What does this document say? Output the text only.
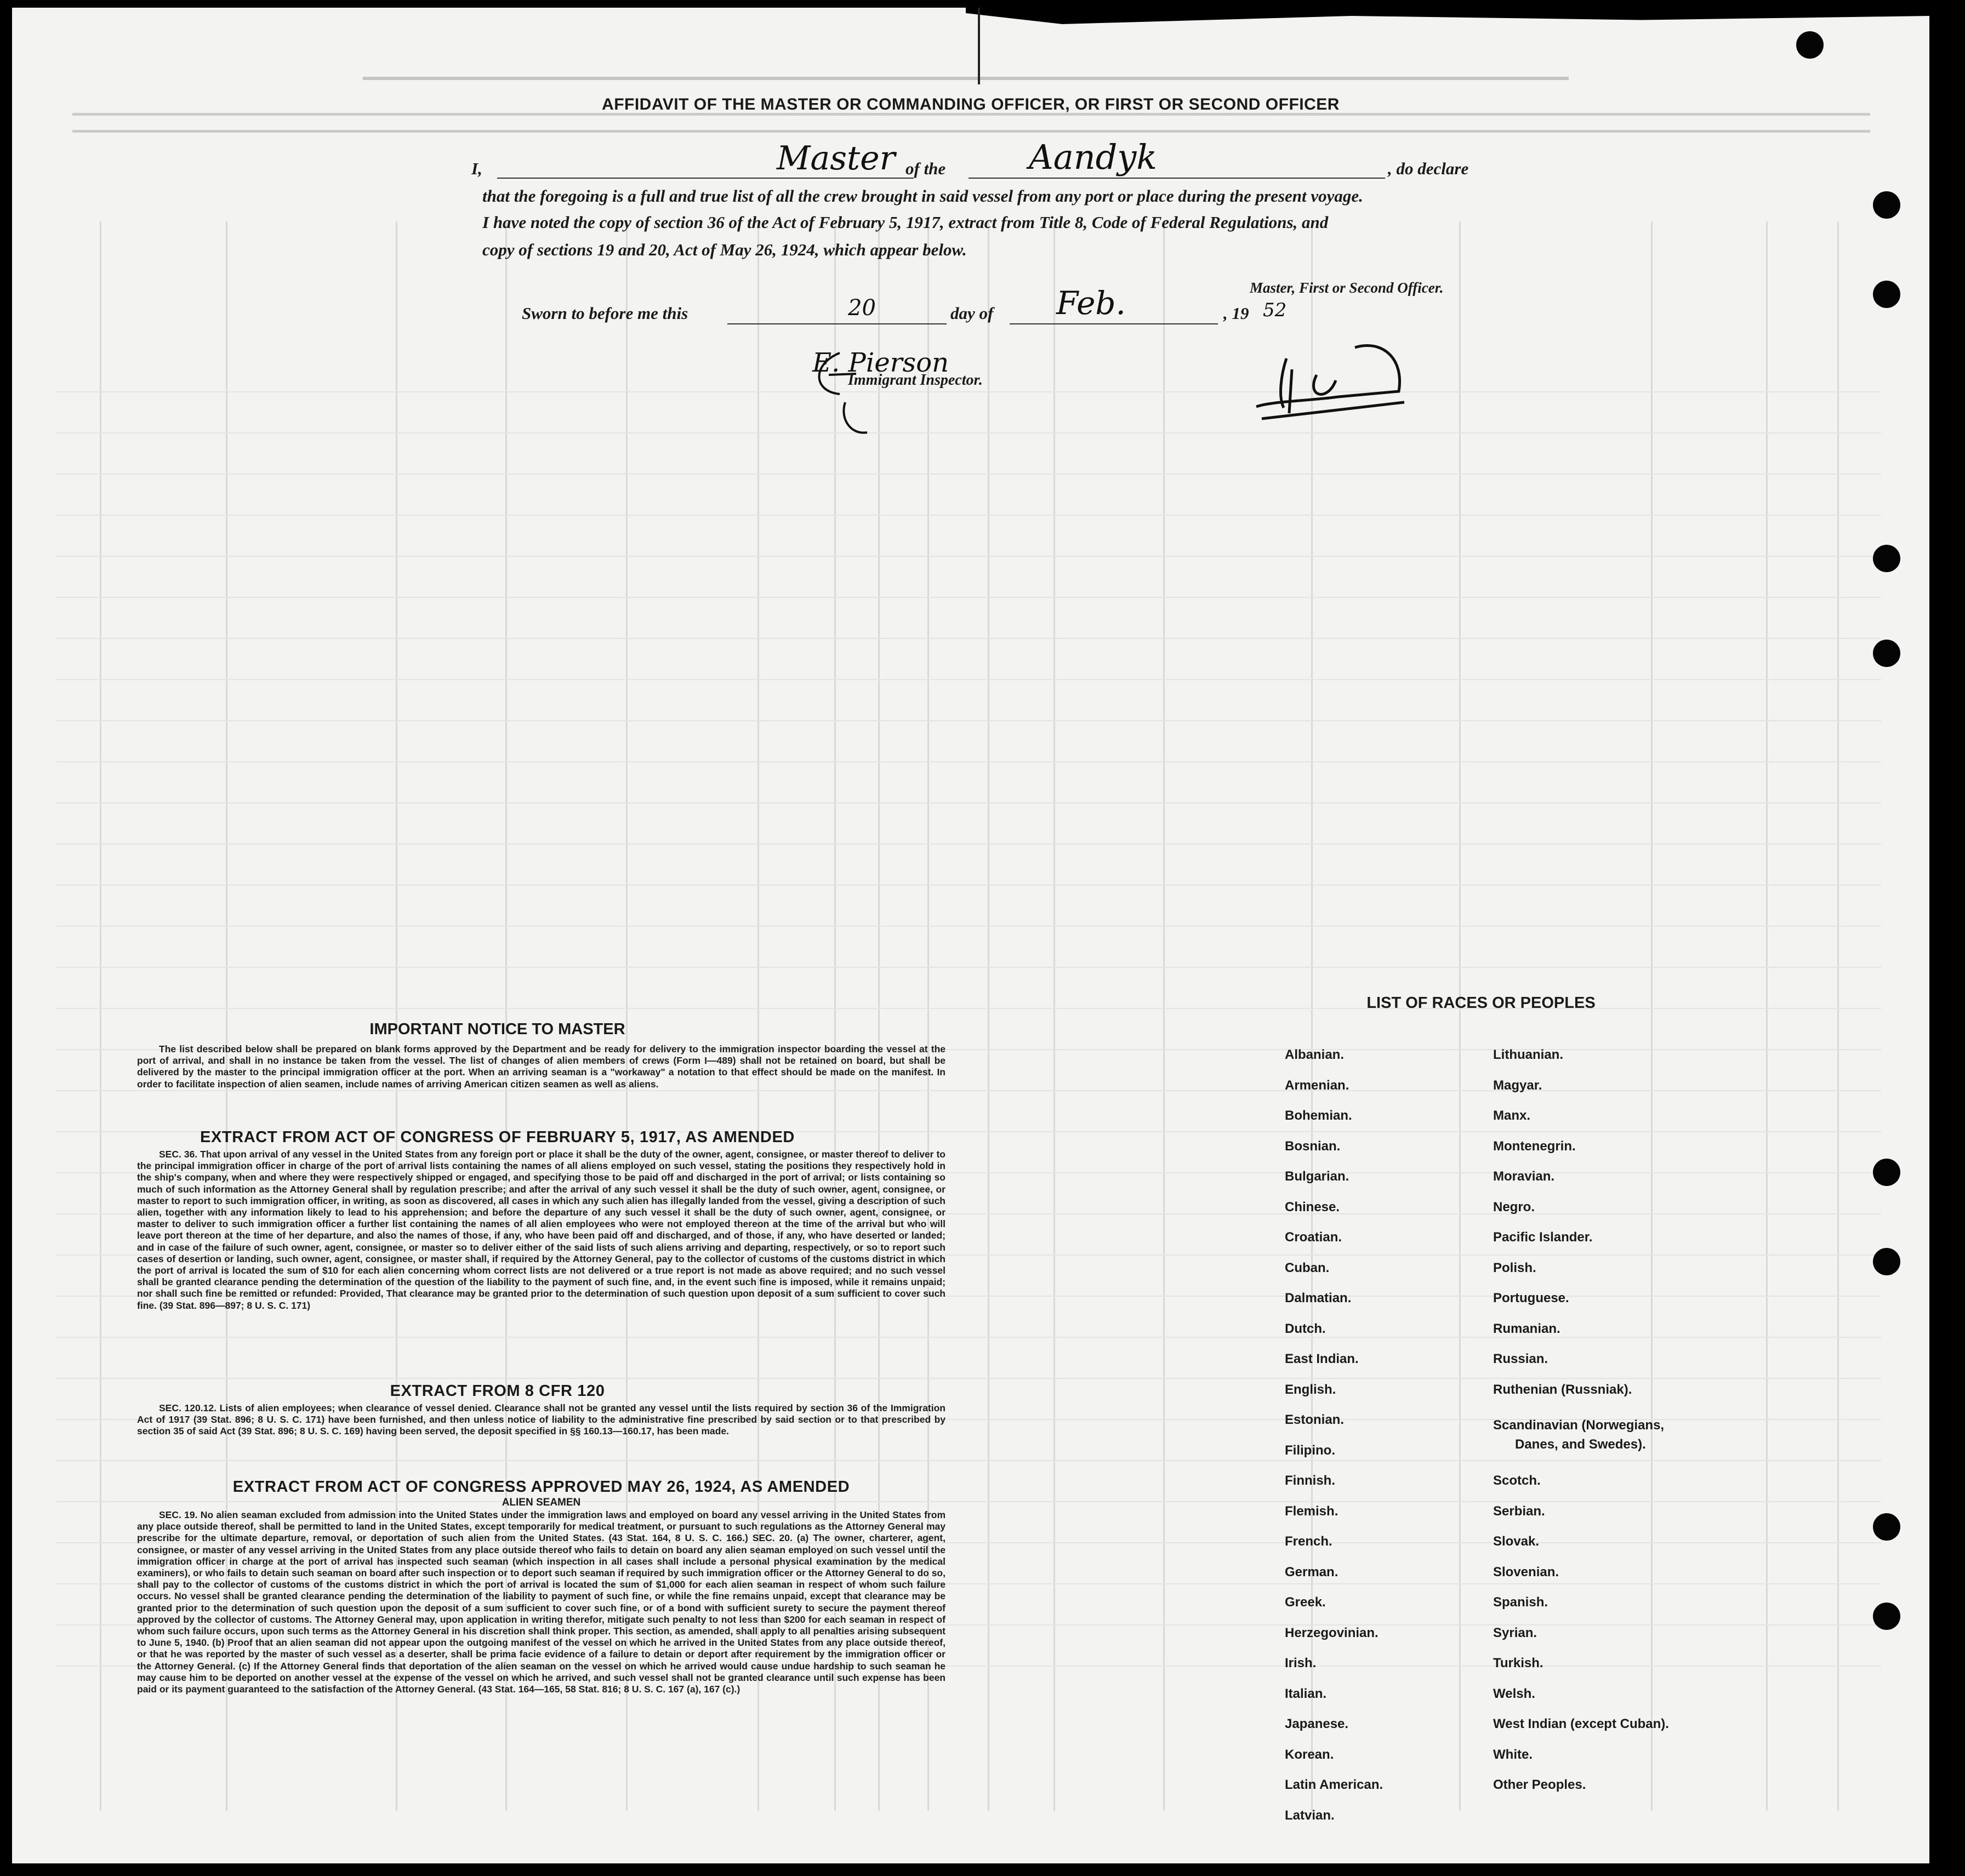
AFFIDAVIT OF THE MASTER OR COMMANDING OFFICER, OR FIRST OR SECOND OFFICER
I,	Master of the Aandyk	, do declare
that the foregoing is a full and true list of all the crew brought in said vessel from any port or place during the present voyage.
I have noted the copy of section 36 of the Act of February 5, 1917, extract from Title 8, Code of Federal Regulations, and
copy of sections 19 and 20, Act of May 26, 1924, which appear below.
Master, First or Second Officer.
Sworn to before me this	20	day of Feb.	, 19 52
E. Pierson
Immigrant Inspector.
IMPORTANT NOTICE TO MASTER
The list described below shall be prepared on blank forms approved by the Department and be ready for delivery to the immigration inspector boarding the vessel at the port of arrival, and shall in no instance be taken from the vessel. The list of changes of alien members of crews (Form I—489) shall not be retained on board, but shall be delivered by the master to the principal immigration officer at the port. When an arriving seaman is a "workaway" a notation to that effect should be made on the manifest. In order to facilitate inspection of alien seamen, include names of arriving American citizen seamen as well as aliens.
EXTRACT FROM ACT OF CONGRESS OF FEBRUARY 5, 1917, AS AMENDED
SEC. 36. That upon arrival of any vessel in the United States from any foreign port or place it shall be the duty of the owner, agent, consignee, or master thereof to deliver to the principal immigration officer in charge of the port of arrival lists containing the names of all aliens employed on such vessel, stating the positions they respectively hold in the ship's company, when and where they were respectively shipped or engaged, and specifying those to be paid off and discharged in the port of arrival; or lists containing so much of such information as the Attorney General shall by regulation prescribe; and after the arrival of any such vessel it shall be the duty of such owner, agent, consignee, or master to report to such immigration officer, in writing, as soon as discovered, all cases in which any such alien has illegally landed from the vessel, giving a description of such alien, together with any information likely to lead to his apprehension; and before the departure of any such vessel it shall be the duty of such owner, agent, consignee, or master to deliver to such immigration officer a further list containing the names of all alien employees who were not employed thereon at the time of the arrival but who will leave port thereon at the time of her departure, and also the names of those, if any, who have been paid off and discharged, and of those, if any, who have deserted or landed; and in case of the failure of such owner, agent, consignee, or master so to deliver either of the said lists of such aliens arriving and departing, respectively, or so to report such cases of desertion or landing, such owner, agent, consignee, or master shall, if required by the Attorney General, pay to the collector of customs of the customs district in which the port of arrival is located the sum of $10 for each alien concerning whom correct lists are not delivered or a true report is not made as above required; and no such vessel shall be granted clearance pending the determination of the question of the liability to the payment of such fine, and, in the event such fine is imposed, while it remains unpaid; nor shall such fine be remitted or refunded: Provided, That clearance may be granted prior to the determination of such question upon deposit of a sum sufficient to cover such fine. (39 Stat. 896—897; 8 U. S. C. 171)
EXTRACT FROM 8 CFR 120
SEC. 120.12. Lists of alien employees; when clearance of vessel denied. Clearance shall not be granted any vessel until the lists required by section 36 of the Immigration Act of 1917 (39 Stat. 896; 8 U. S. C. 171) have been furnished, and then unless notice of liability to the administrative fine prescribed by said section or to that prescribed by section 35 of said Act (39 Stat. 896; 8 U. S. C. 169) having been served, the deposit specified in §§ 160.13—160.17, has been made.
EXTRACT FROM ACT OF CONGRESS APPROVED MAY 26, 1924, AS AMENDED
ALIEN SEAMEN
SEC. 19. No alien seaman excluded from admission into the United States under the immigration laws and employed on board any vessel arriving in the United States from any place outside thereof, shall be permitted to land in the United States, except temporarily for medical treatment, or pursuant to such regulations as the Attorney General may prescribe for the ultimate departure, removal, or deportation of such alien from the United States. (43 Stat. 164, 8 U. S. C. 166.) SEC. 20. (a) The owner, charterer, agent, consignee, or master of any vessel arriving in the United States from any place outside thereof who fails to detain on board any alien seaman employed on such vessel until the immigration officer in charge at the port of arrival has inspected such seaman (which inspection in all cases shall include a personal physical examination by the medical examiners), or who fails to detain such seaman on board after such inspection or to deport such seaman if required by such immigration officer or the Attorney General to do so, shall pay to the collector of customs of the customs district in which the port of arrival is located the sum of $1,000 for each alien seaman in respect of whom such failure occurs. No vessel shall be granted clearance pending the determination of the liability to payment of such fine, or while the fine remains unpaid, except that clearance may be granted prior to the determination of such question upon the deposit of a sum sufficient to cover such fine, or of a bond with sufficient surety to secure the payment thereof approved by the collector of customs. The Attorney General may, upon application in writing therefor, mitigate such penalty to not less than $200 for each seaman in respect of whom such failure occurs, upon such terms as the Attorney General in his discretion shall think proper. This section, as amended, shall apply to all penalties arising subsequent to June 5, 1940. (b) Proof that an alien seaman did not appear upon the outgoing manifest of the vessel on which he arrived in the United States from any place outside thereof, or that he was reported by the master of such vessel as a deserter, shall be prima facie evidence of a failure to detain or deport after requirement by the immigration officer or the Attorney General. (c) If the Attorney General finds that deportation of the alien seaman on the vessel on which he arrived would cause undue hardship to such seaman he may cause him to be deported on another vessel at the expense of the vessel on which he arrived, and such vessel shall not be granted clearance until such expense has been paid or its payment guaranteed to the satisfaction of the Attorney General. (43 Stat. 164—165, 58 Stat. 816; 8 U. S. C. 167 (a), 167 (c).)
LIST OF RACES OR PEOPLES
Albanian.
Armenian.
Bohemian.
Bosnian.
Bulgarian.
Chinese.
Croatian.
Cuban.
Dalmatian.
Dutch.
East Indian.
English.
Estonian.
Filipino.
Finnish.
Flemish.
French.
German.
Greek.
Herzegovinian.
Irish.
Italian.
Japanese.
Korean.
Latin American.
Latvian.
Lithuanian.
Magyar.
Manx.
Montenegrin.
Moravian.
Negro.
Pacific Islander.
Polish.
Portuguese.
Rumanian.
Russian.
Ruthenian (Russniak).
Scandinavian (Norwegians,
Danes, and Swedes).
Scotch.
Serbian.
Slovak.
Slovenian.
Spanish.
Syrian.
Turkish.
Welsh.
West Indian (except Cuban).
White.
Other Peoples.
